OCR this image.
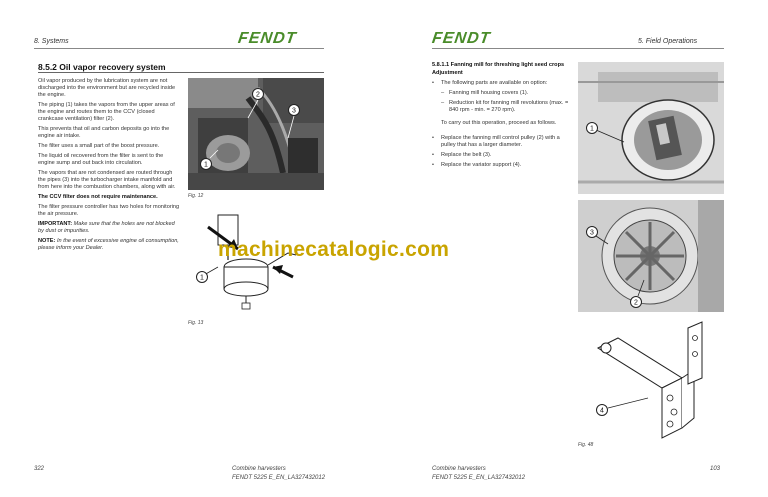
8. Systems	FENDT
8.5.2 Oil vapor recovery system

Oil vapor produced by the lubrication system are not discharged into the environment but are recycled inside the engine.

The piping (1) takes the vapors from the upper areas of the engine and routes them to the CCV (closed crankcase ventilation) filter (2).

This prevents that oil and carbon deposits go into the engine air intake.

The filter uses a small part of the boost pressure.

The liquid oil recovered from the filter is sent to the engine sump and out back into circulation.

The vapors that are not condensed are routed through the pipes (3) into the turbocharger intake manifold and from here into the combustion chambers, along with air.

The CCV filter does not require maintenance.

The filter pressure controller has two holes for monitoring the air pressure.

IMPORTANT: Make sure that the holes are not blocked by dust or impurities.

NOTE: In the event of excessive engine oil consumption, please inform your Dealer.

2
3
1
Fig. 12
1
Fig. 13
322	Combine harvesters
FENDT 5225 E_EN_LA327432012
FENDT	5. Field Operations

5.8.1.1 Fanning mill for threshing light seed crops

Adjustment

• The following parts are available on option:
– Fanning mill housing covers (1).
– Reduction kit for fanning mill revolutions (max. = 840 rpm - min. = 270 rpm).

To carry out this operation, proceed as follows.

• Replace the fanning mill control pulley (2) with a pulley that has a larger diameter.
• Replace the belt (3).
• Replace the variator support (4).
1
3
2
4
Fig. 48
Combine harvesters
FENDT 5225 E_EN_LA327432012
103
machinecatalogic.com
